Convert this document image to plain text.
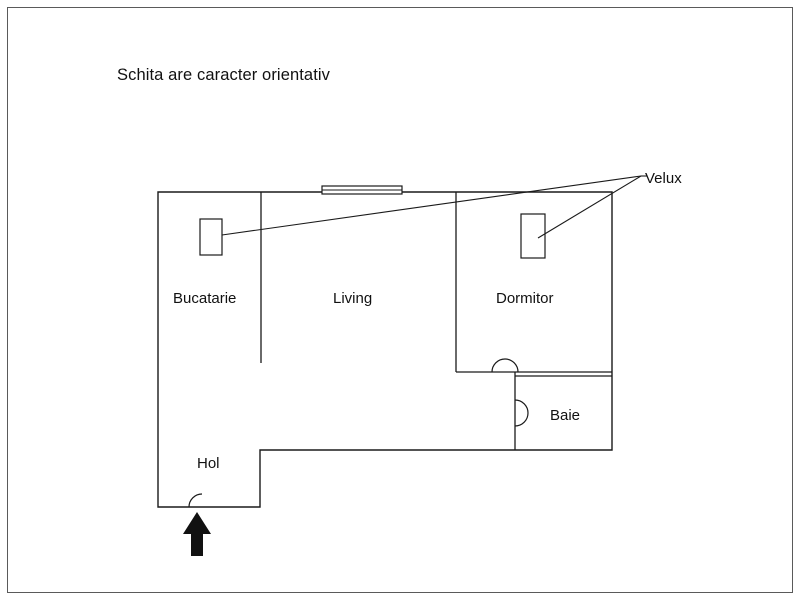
Schita are caracter orientativ
Bucatarie	Living	Dormitor
Baie
Hol
Velux
